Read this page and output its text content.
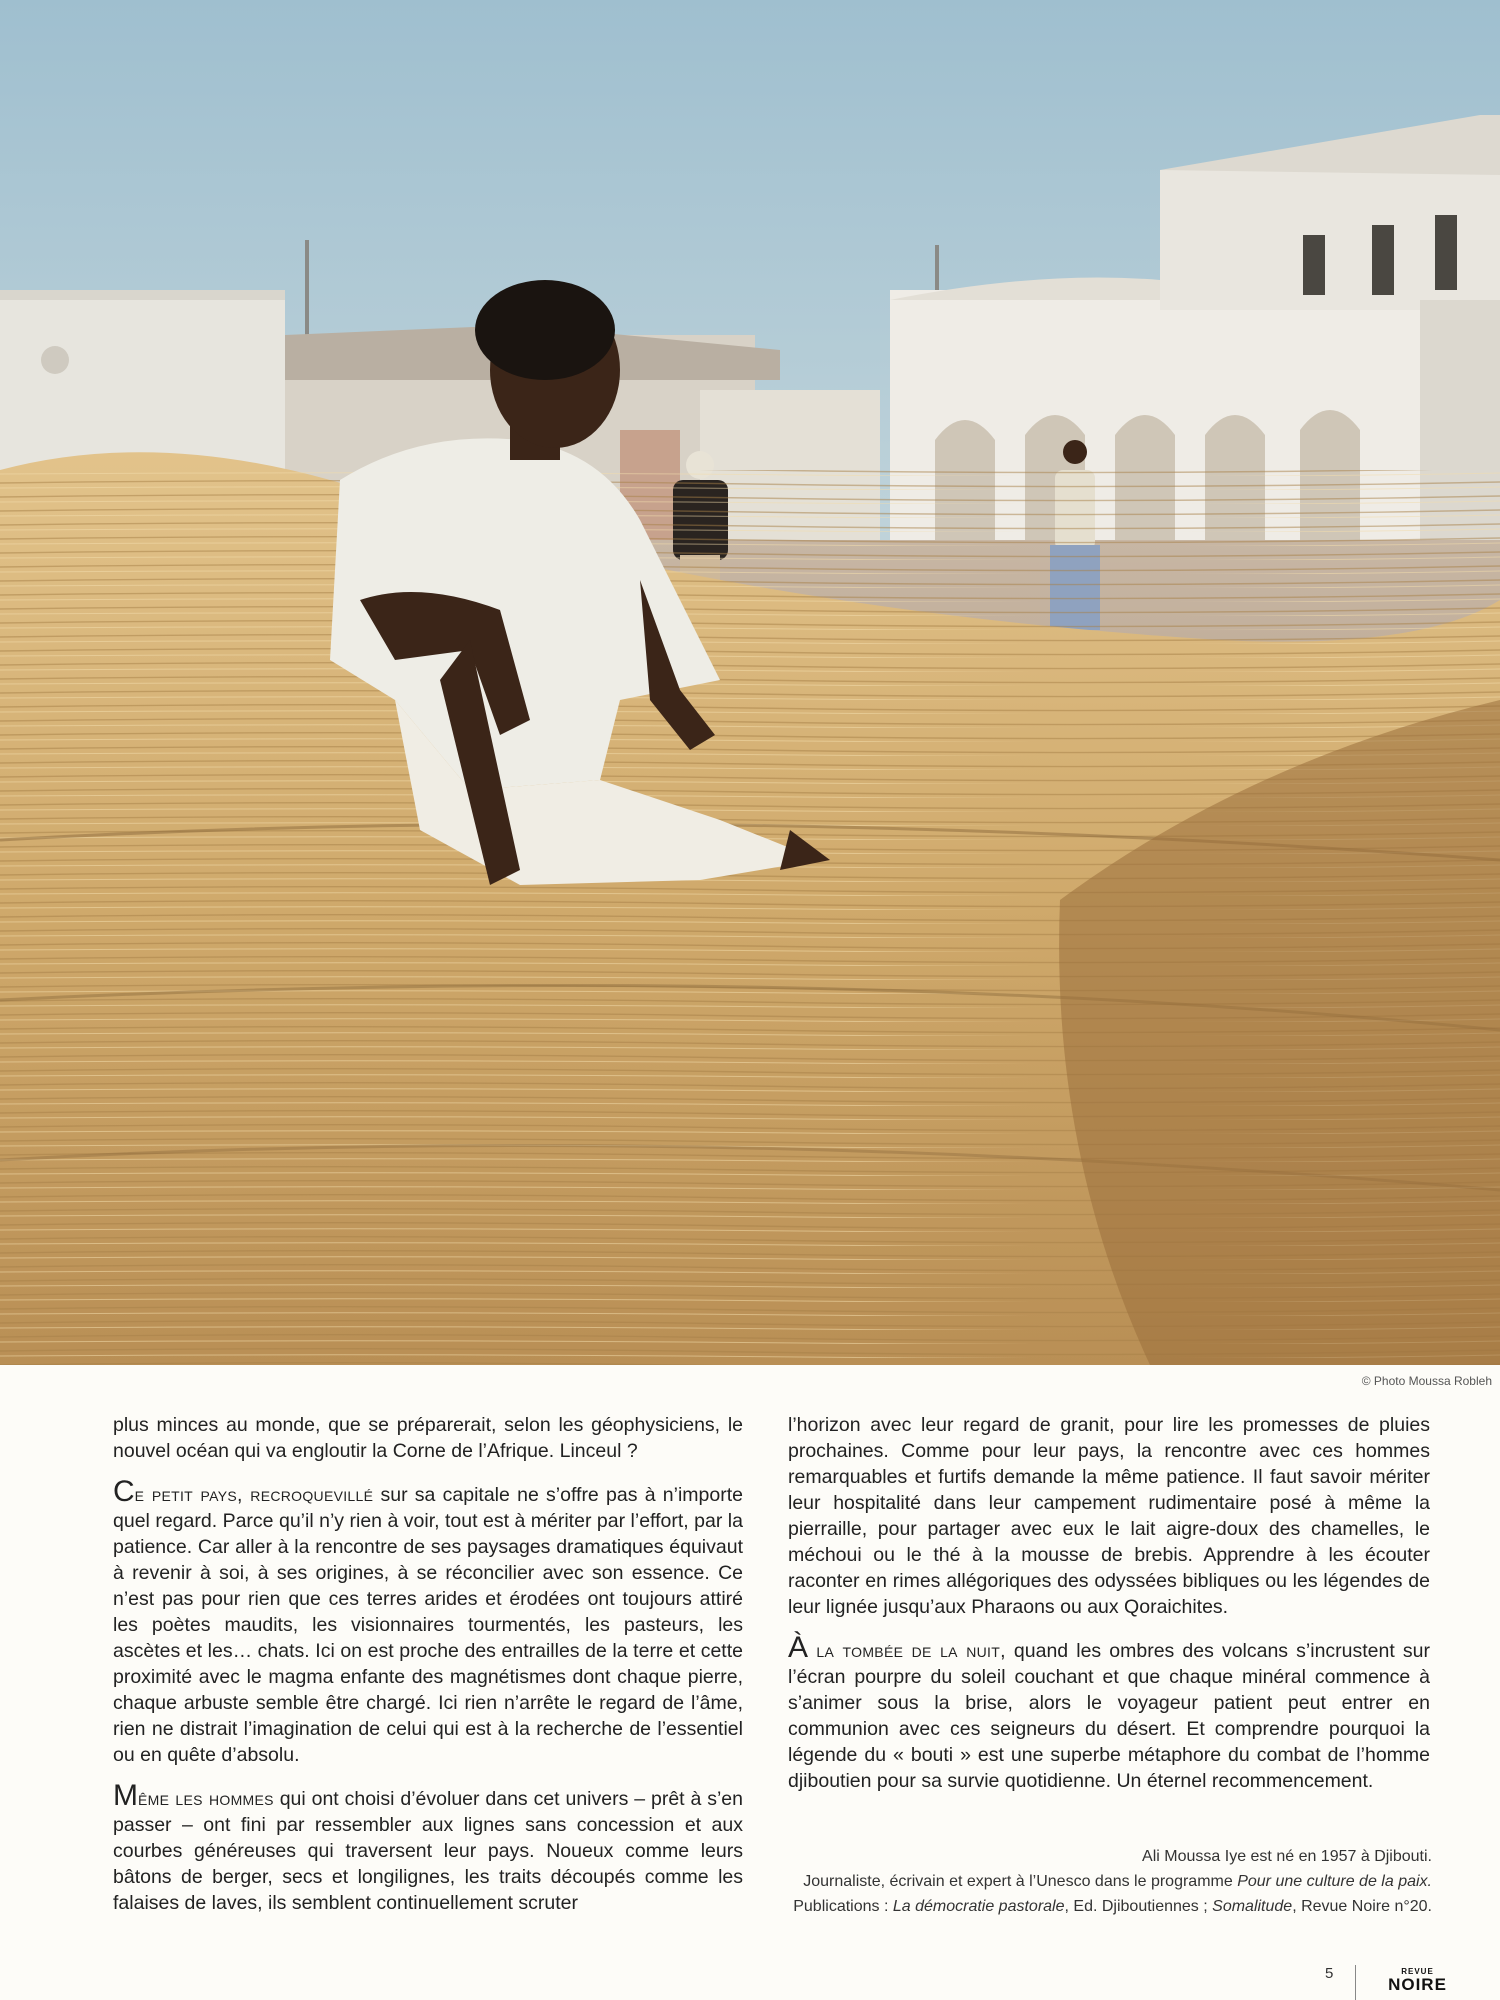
© Photo Moussa Robleh

plus minces au monde, que se préparerait, selon les géophysiciens, le nouvel océan qui va engloutir la Corne de l’Afrique. Linceul ?

Ce petit pays, recroquevillé sur sa capitale ne s’offre pas à n’importe quel regard. Parce qu’il n’y rien à voir, tout est à mériter par l’effort, par la patience. Car aller à la rencontre de ses paysages dramatiques équivaut à revenir à soi, à ses origines, à se réconcilier avec son essence. Ce n’est pas pour rien que ces terres arides et érodées ont toujours attiré les poètes maudits, les visionnaires tourmentés, les pasteurs, les ascètes et les… chats. Ici on est proche des entrailles de la terre et cette proximité avec le magma enfante des magnétismes dont chaque pierre, chaque arbuste semble être chargé. Ici rien n’arrête le regard de l’âme, rien ne distrait l’imagination de celui qui est à la recherche de l’essentiel ou en quête d’absolu.

Même les hommes qui ont choisi d’évoluer dans cet univers – prêt à s’en passer – ont fini par ressembler aux lignes sans concession et aux courbes généreuses qui traversent leur pays. Noueux comme leurs bâtons de berger, secs et longilignes, les traits découpés comme les falaises de laves, ils semblent continuellement scruter

l’horizon avec leur regard de granit, pour lire les promesses de pluies prochaines. Comme pour leur pays, la rencontre avec ces hommes remarquables et furtifs demande la même patience. Il faut savoir mériter leur hospitalité dans leur campement rudimentaire posé à même la pierraille, pour partager avec eux le lait aigre-doux des chamelles, le méchoui ou le thé à la mousse de brebis. Apprendre à les écouter raconter en rimes allégoriques des odyssées bibliques ou les légendes de leur lignée jusqu’aux Pharaons ou aux Qoraichites.

À la tombée de la nuit, quand les ombres des volcans s’incrustent sur l’écran pourpre du soleil couchant et que chaque minéral commence à s’animer sous la brise, alors le voyageur patient peut entrer en communion avec ces seigneurs du désert. Et comprendre pourquoi la légende du « bouti » est une superbe métaphore du combat de l’homme djiboutien pour sa survie quotidienne. Un éternel recommencement.

Ali Moussa Iye est né en 1957 à Djibouti.
Journaliste, écrivain et expert à l’Unesco dans le programme Pour une culture de la paix.
Publications : La démocratie pastorale, Ed. Djiboutiennes ; Somalitude, Revue Noire n°20.
5	REVUE
NOIRE
